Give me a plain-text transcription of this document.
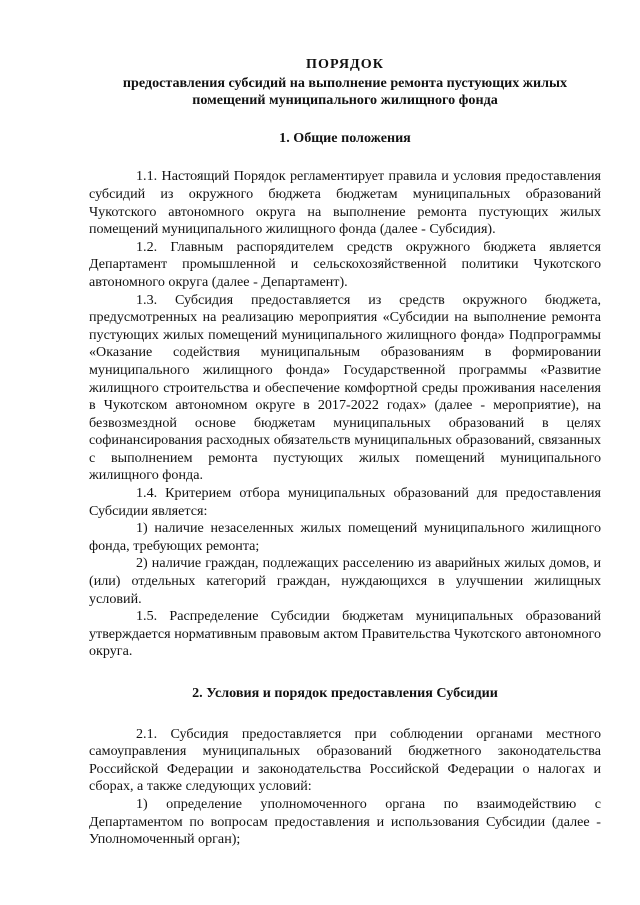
ПОРЯДОК

предоставления субсидий на выполнение ремонта пустующих жилых помещений муниципального жилищного фонда

1. Общие положения

1.1. Настоящий Порядок регламентирует правила и условия предоставления субсидий из окружного бюджета бюджетам муниципальных образований Чукотского автономного округа на выполнение ремонта пустующих жилых помещений муниципального жилищного фонда (далее - Субсидия).

1.2. Главным распорядителем средств окружного бюджета является Департамент промышленной и сельскохозяйственной политики Чукотского автономного округа (далее - Департамент).

1.3. Субсидия предоставляется из средств окружного бюджета, предусмотренных на реализацию мероприятия «Субсидии на выполнение ремонта пустующих жилых помещений муниципального жилищного фонда» Подпрограммы «Оказание содействия муниципальным образованиям в формировании муниципального жилищного фонда» Государственной программы «Развитие жилищного строительства и обеспечение комфортной среды проживания населения в Чукотском автономном округе в 2017-2022 годах» (далее - мероприятие), на безвозмездной основе бюджетам муниципальных образований в целях софинансирования расходных обязательств муниципальных образований, связанных с выполнением ремонта пустующих жилых помещений муниципального жилищного фонда.

1.4. Критерием отбора муниципальных образований для предоставления Субсидии является:

1) наличие незаселенных жилых помещений муниципального жилищного фонда, требующих ремонта;

2) наличие граждан, подлежащих расселению из аварийных жилых домов, и (или) отдельных категорий граждан, нуждающихся в улучшении жилищных условий.

1.5. Распределение Субсидии бюджетам муниципальных образований утверждается нормативным правовым актом Правительства Чукотского автономного округа.

2. Условия и порядок предоставления Субсидии

2.1. Субсидия предоставляется при соблюдении органами местного самоуправления муниципальных образований бюджетного законодательства Российской Федерации и законодательства Российской Федерации о налогах и сборах, а также следующих условий:

1) определение уполномоченного органа по взаимодействию с Департаментом по вопросам предоставления и использования Субсидии (далее - Уполномоченный орган);
